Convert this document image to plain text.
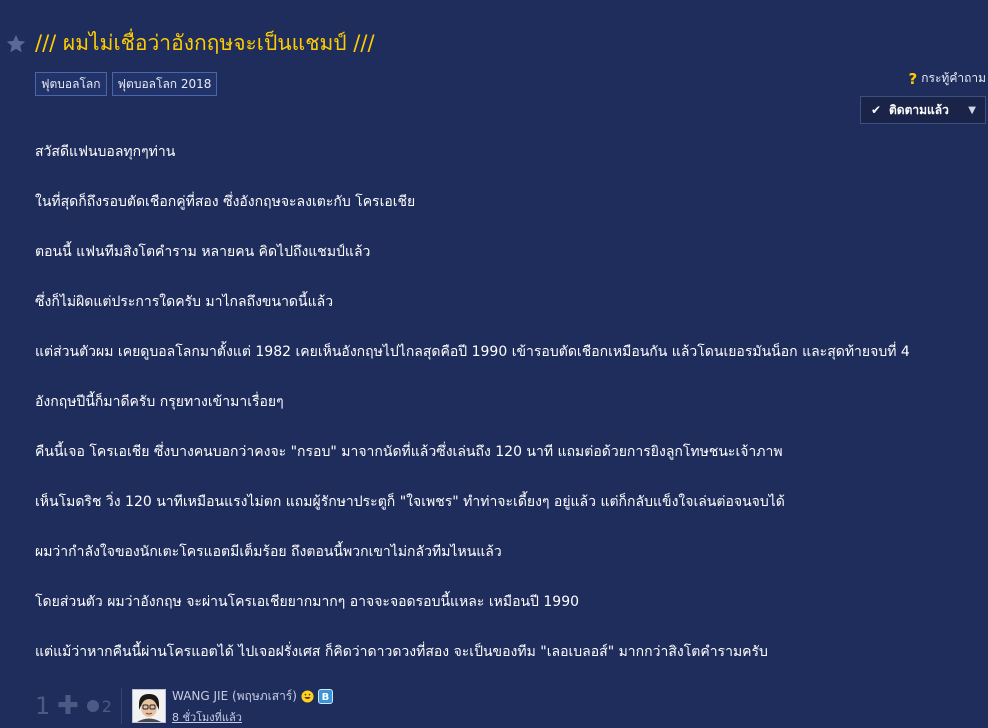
/// ผมไม่เชื่อว่าอังกฤษจะเป็นแชมป์ ///
ฟุตบอลโลก	ฟุตบอลโลก 2018	? กระทู้คำถาม
✔ ติดตามแล้ว ▼
สวัสดีแฟนบอลทุกๆท่าน
ในที่สุดก็ถึงรอบตัดเชือกคู่ที่สอง ซึ่งอังกฤษจะลงเตะกับ โครเอเชีย
ตอนนี้ แฟนทีมสิงโตคำราม หลายคน คิดไปถึงแชมป์แล้ว
ซึ่งก็ไม่ผิดแต่ประการใดครับ มาไกลถึงขนาดนี้แล้ว
แต่ส่วนตัวผม เคยดูบอลโลกมาตั้งแต่ 1982 เคยเห็นอังกฤษไปไกลสุดคือปี 1990 เข้ารอบตัดเชือกเหมือนกัน แล้วโดนเยอรมันน็อก และสุดท้ายจบที่ 4
อังกฤษปีนี้ก็มาดีครับ กรุยทางเข้ามาเรื่อยๆ
คืนนี้เจอ โครเอเชีย ซึ่งบางคนบอกว่าคงจะ "กรอบ" มาจากนัดที่แล้วซึ่งเล่นถึง 120 นาที แถมต่อด้วยการยิงลูกโทษชนะเจ้าภาพ
เห็นโมดริช วิ่ง 120 นาทีเหมือนแรงไม่ตก แถมผู้รักษาประตูก็ "ใจเพชร" ทำท่าจะเดี้ยงๆ อยู่แล้ว แต่ก็กลับแข็งใจเล่นต่อจนจบได้
ผมว่ากำลังใจของนักเตะโครแอตมีเต็มร้อย ถึงตอนนี้พวกเขาไม่กลัวทีมไหนแล้ว
โดยส่วนตัว ผมว่าอังกฤษ จะผ่านโครเอเชียยากมากๆ อาจจะจอดรอบนี้แหละ เหมือนปี 1990
แต่แม้ว่าหากคืนนี้ผ่านโครแอตได้ ไปเจอฝรั่งเศส ก็คิดว่าดาวดวงที่สอง จะเป็นของทีม "เลอเบลอส์" มากกว่าสิงโตคำรามครับ
1 ✚ 2
WANG JIE (พฤษภเสาร์)	B
8 ชั่วโมงที่แล้ว
